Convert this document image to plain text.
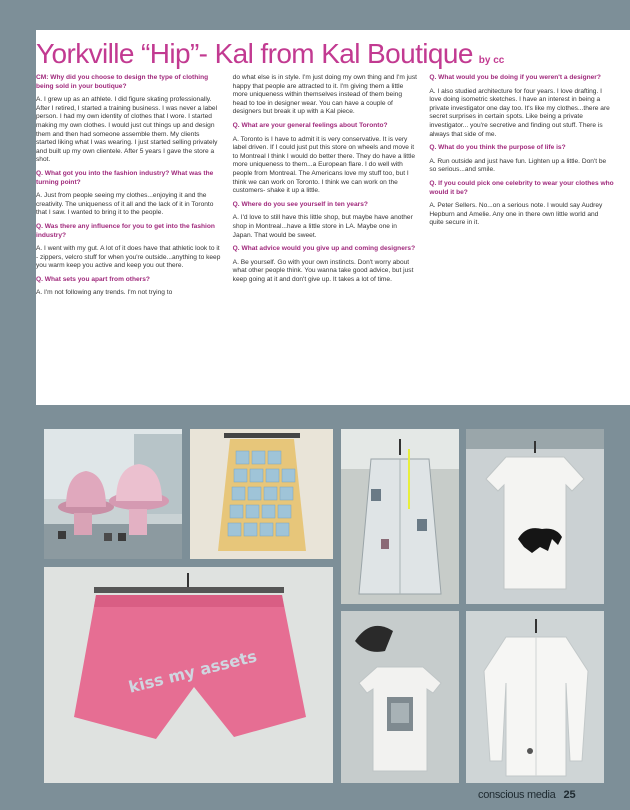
Yorkville “Hip”- Kal from Kal Boutique by cc

CM: Why did you choose to design the type of clothing being sold in your boutique?

A. I grew up as an athlete. I did figure skating professionally. After I retired, I started a training business. I was never a label person. I had my own identity of clothes that I wore. I started making my own clothes. I would just cut things up and design them and then had someone assemble them. My clients started liking what I was wearing. I just started selling privately and built up my own clientele. After 5 years I gave the store a shot.

Q. What got you into the fashion industry? What was the turning point?

A. Just from people seeing my clothes...enjoying it and the creativity. The uniqueness of it all and the lack of it in Toronto that I saw. I wanted to bring it to the people.

Q. Was there any influence for you to get into the fashion industry?

A. I went with my gut. A lot of it does have that athletic look to it - zippers, velcro stuff for when you're outside...anything to keep you warm keep you active and keep you out there.

Q. What sets you apart from others?

A. I'm not following any trends. I'm not trying to

do what else is in style. I'm just doing my own thing and I'm just happy that people are attracted to it. I'm giving them a little more uniqueness within themselves instead of them being head to toe in designer wear. You can have a couple of designers but break it up with a Kal piece.

Q. What are your general feelings about Toronto?

A. Toronto is I have to admit it is very conservative. It is very label driven. If I could just put this store on wheels and move it to Montreal I think I would do better there. They do have a little more uniqueness to them...a European flare. I do well with people from Montreal. The Americans love my stuff too, but I think we can work on Toronto. I think we can work on the customers- shake it up a little.

Q. Where do you see yourself in ten years?

A. I'd love to still have this little shop, but maybe have another shop in Montreal...have a little store in LA. Maybe one in Japan. That would be sweet.

Q. What advice would you give up and coming designers?

A. Be yourself. Go with your own instincts. Don't worry about what other people think. You wanna take good advice, but just keep going at it and don't give up. It takes a lot of time.

Q. What would you be doing if you weren't a designer?

A. I also studied architecture for four years. I love drafting. I love doing isometric sketches. I have an interest in being a private investigator one day too. It's like my clothes...there are secret surprises in certain spots. Like being a private investigator... you're secretive and finding out stuff. There is always that side of me.

Q. What do you think the purpose of life is?

A. Run outside and just have fun. Lighten up a little. Don't be so serious...and smile.

Q. If you could pick one celebrity to wear your clothes who would it be?

A. Peter Sellers. No...on a serious note. I would say Audrey Hepburn and Amelie. Any one in there own little world and quite secure in it.

kiss my assets
conscious media 25
